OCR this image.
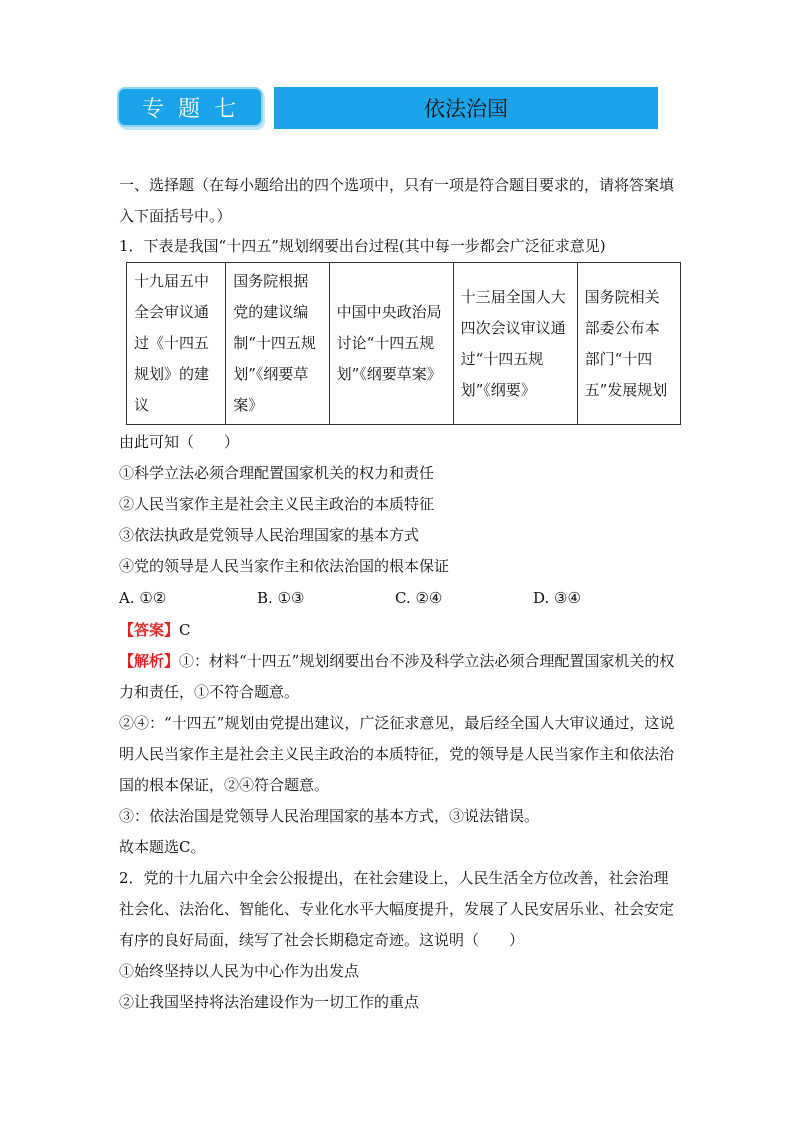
专题七	依法治国
一、选择题（在每小题给出的四个选项中，只有一项是符合题目要求的，请将答案填入下面括号中。）
1．下表是我国“十四五”规划纲要出台过程(其中每一步都会广泛征求意见)
十九届五中全会审议通过《十四五规划》的建议	国务院根据党的建议编制“十四五规划”《纲要草案》	中国中央政治局讨论“十四五规划”《纲要草案》	十三届全国人大四次会议审议通过“十四五规划”《纲要》	国务院相关部委公布本部门“十四五”发展规划
由此可知（　　）
①科学立法必须合理配置国家机关的权力和责任
②人民当家作主是社会主义民主政治的本质特征
③依法执政是党领导人民治理国家的基本方式
④党的领导是人民当家作主和依法治国的根本保证
A. ①②	B. ①③	C. ②④	D. ③④
【答案】C
【解析】①：材料“十四五”规划纲要出台不涉及科学立法必须合理配置国家机关的权力和责任，①不符合题意。
②④：“十四五”规划由党提出建议，广泛征求意见，最后经全国人大审议通过，这说明人民当家作主是社会主义民主政治的本质特征，党的领导是人民当家作主和依法治国的根本保证，②④符合题意。
③：依法治国是党领导人民治理国家的基本方式，③说法错误。
故本题选C。
2．党的十九届六中全会公报提出，在社会建设上，人民生活全方位改善，社会治理社会化、法治化、智能化、专业化水平大幅度提升，发展了人民安居乐业、社会安定有序的良好局面，续写了社会长期稳定奇迹。这说明（　　）
①始终坚持以人民为中心作为出发点
②让我国坚持将法治建设作为一切工作的重点
